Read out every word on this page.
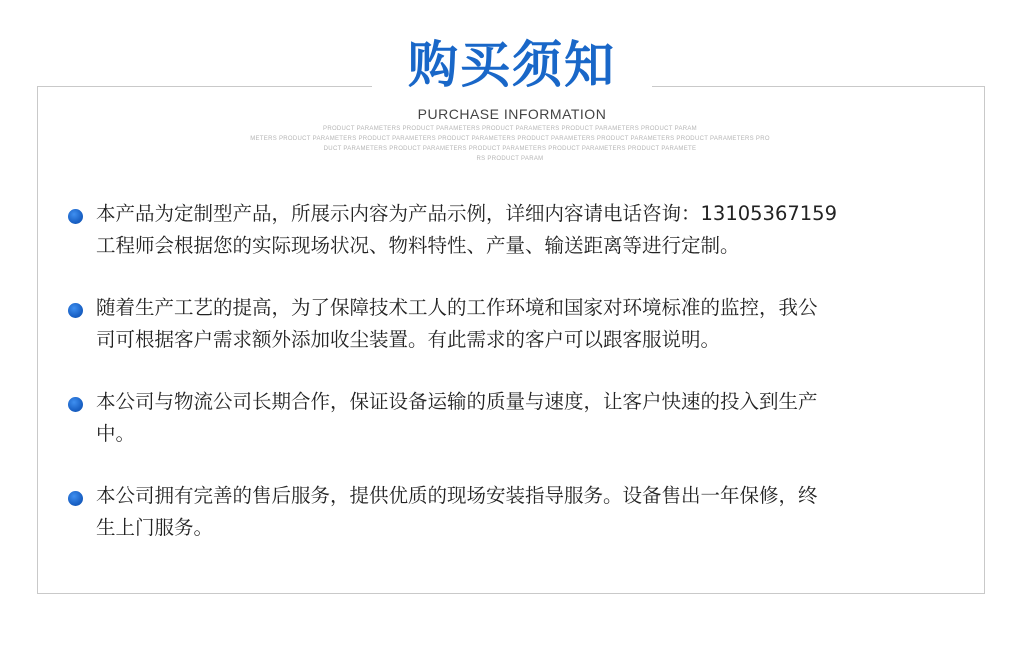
购买须知
PURCHASE INFORMATION
PRODUCT PARAMETERS PRODUCT PARAMETERS PRODUCT PARAMETERS PRODUCT PARAMETERS PRODUCT PARAM
METERS PRODUCT PARAMETERS PRODUCT PARAMETERS PRODUCT PARAMETERS PRODUCT PARAMETERS PRODUCT PARAMETERS PRODUCT PARAMETERS PRO
DUCT PARAMETERS PRODUCT PARAMETERS PRODUCT PARAMETERS PRODUCT PARAMETERS PRODUCT PARAMETE
RS PRODUCT PARAM

本产品为定制型产品，所展示内容为产品示例，详细内容请电话咨询：13105367159
工程师会根据您的实际现场状况、物料特性、产量、输送距离等进行定制。

随着生产工艺的提高，为了保障技术工人的工作环境和国家对环境标准的监控，我公
司可根据客户需求额外添加收尘装置。有此需求的客户可以跟客服说明。

本公司与物流公司长期合作，保证设备运输的质量与速度，让客户快速的投入到生产
中。

本公司拥有完善的售后服务，提供优质的现场安装指导服务。设备售出一年保修，终
生上门服务。
